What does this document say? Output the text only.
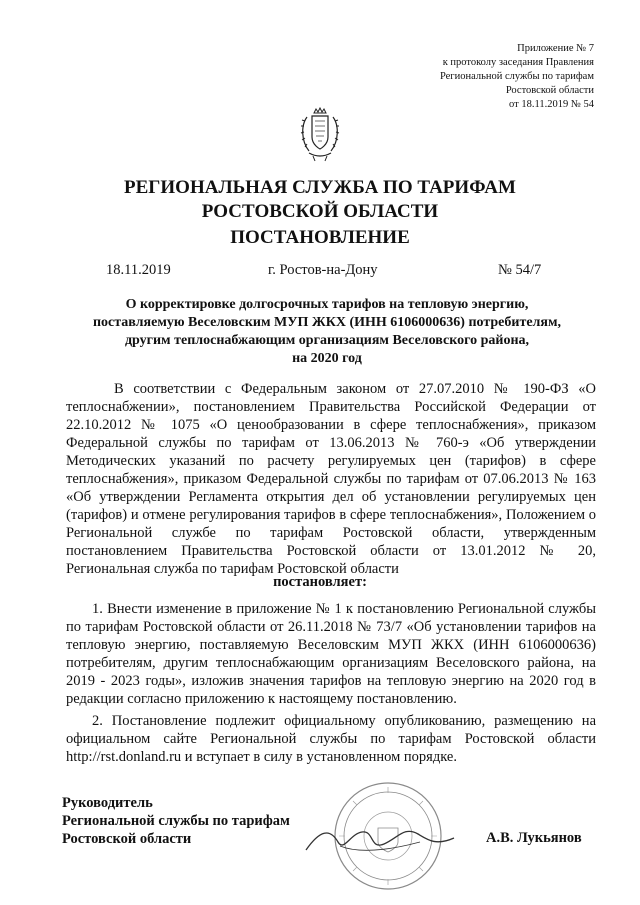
Приложение № 7
к протоколу заседания Правления
Региональной службы по тарифам
Ростовской области
от 18.11.2019 № 54
РЕГИОНАЛЬНАЯ СЛУЖБА ПО ТАРИФАМ
РОСТОВСКОЙ ОБЛАСТИ
ПОСТАНОВЛЕНИЕ
18.11.2019	г. Ростов-на-Дону	№ 54/7
О корректировке долгосрочных тарифов на тепловую энергию,
поставляемую Веселовским МУП ЖКХ (ИНН 6106000636) потребителям,
другим теплоснабжающим организациям Веселовского района,
на 2020 год
В соответствии с Федеральным законом от 27.07.2010 № 190-ФЗ «О теплоснабжении», постановлением Правительства Российской Федерации от 22.10.2012 № 1075 «О ценообразовании в сфере теплоснабжения», приказом Федеральной службы по тарифам от 13.06.2013 № 760-э «Об утверждении Методических указаний по расчету регулируемых цен (тарифов) в сфере теплоснабжения», приказом Федеральной службы по тарифам от 07.06.2013 № 163 «Об утверждении Регламента открытия дел об установлении регулируемых цен (тарифов) и отмене регулирования тарифов в сфере теплоснабжения», Положением о Региональной службе по тарифам Ростовской области, утвержденным постановлением Правительства Ростовской области от 13.01.2012 № 20, Региональная служба по тарифам Ростовской области
постановляет:
1. Внести изменение в приложение № 1 к постановлению Региональной службы по тарифам Ростовской области от 26.11.2018 № 73/7 «Об установлении тарифов на тепловую энергию, поставляемую Веселовским МУП ЖКХ (ИНН 6106000636) потребителям, другим теплоснабжающим организациям Веселовского района, на 2019 - 2023 годы», изложив значения тарифов на тепловую энергию на 2020 год в редакции согласно приложению к настоящему постановлению.
2. Постановление подлежит официальному опубликованию, размещению на официальном сайте Региональной службы по тарифам Ростовской области http://rst.donland.ru и вступает в силу в установленном порядке.
Руководитель
Региональной службы по тарифам
Ростовской области	А.В. Лукьянов
